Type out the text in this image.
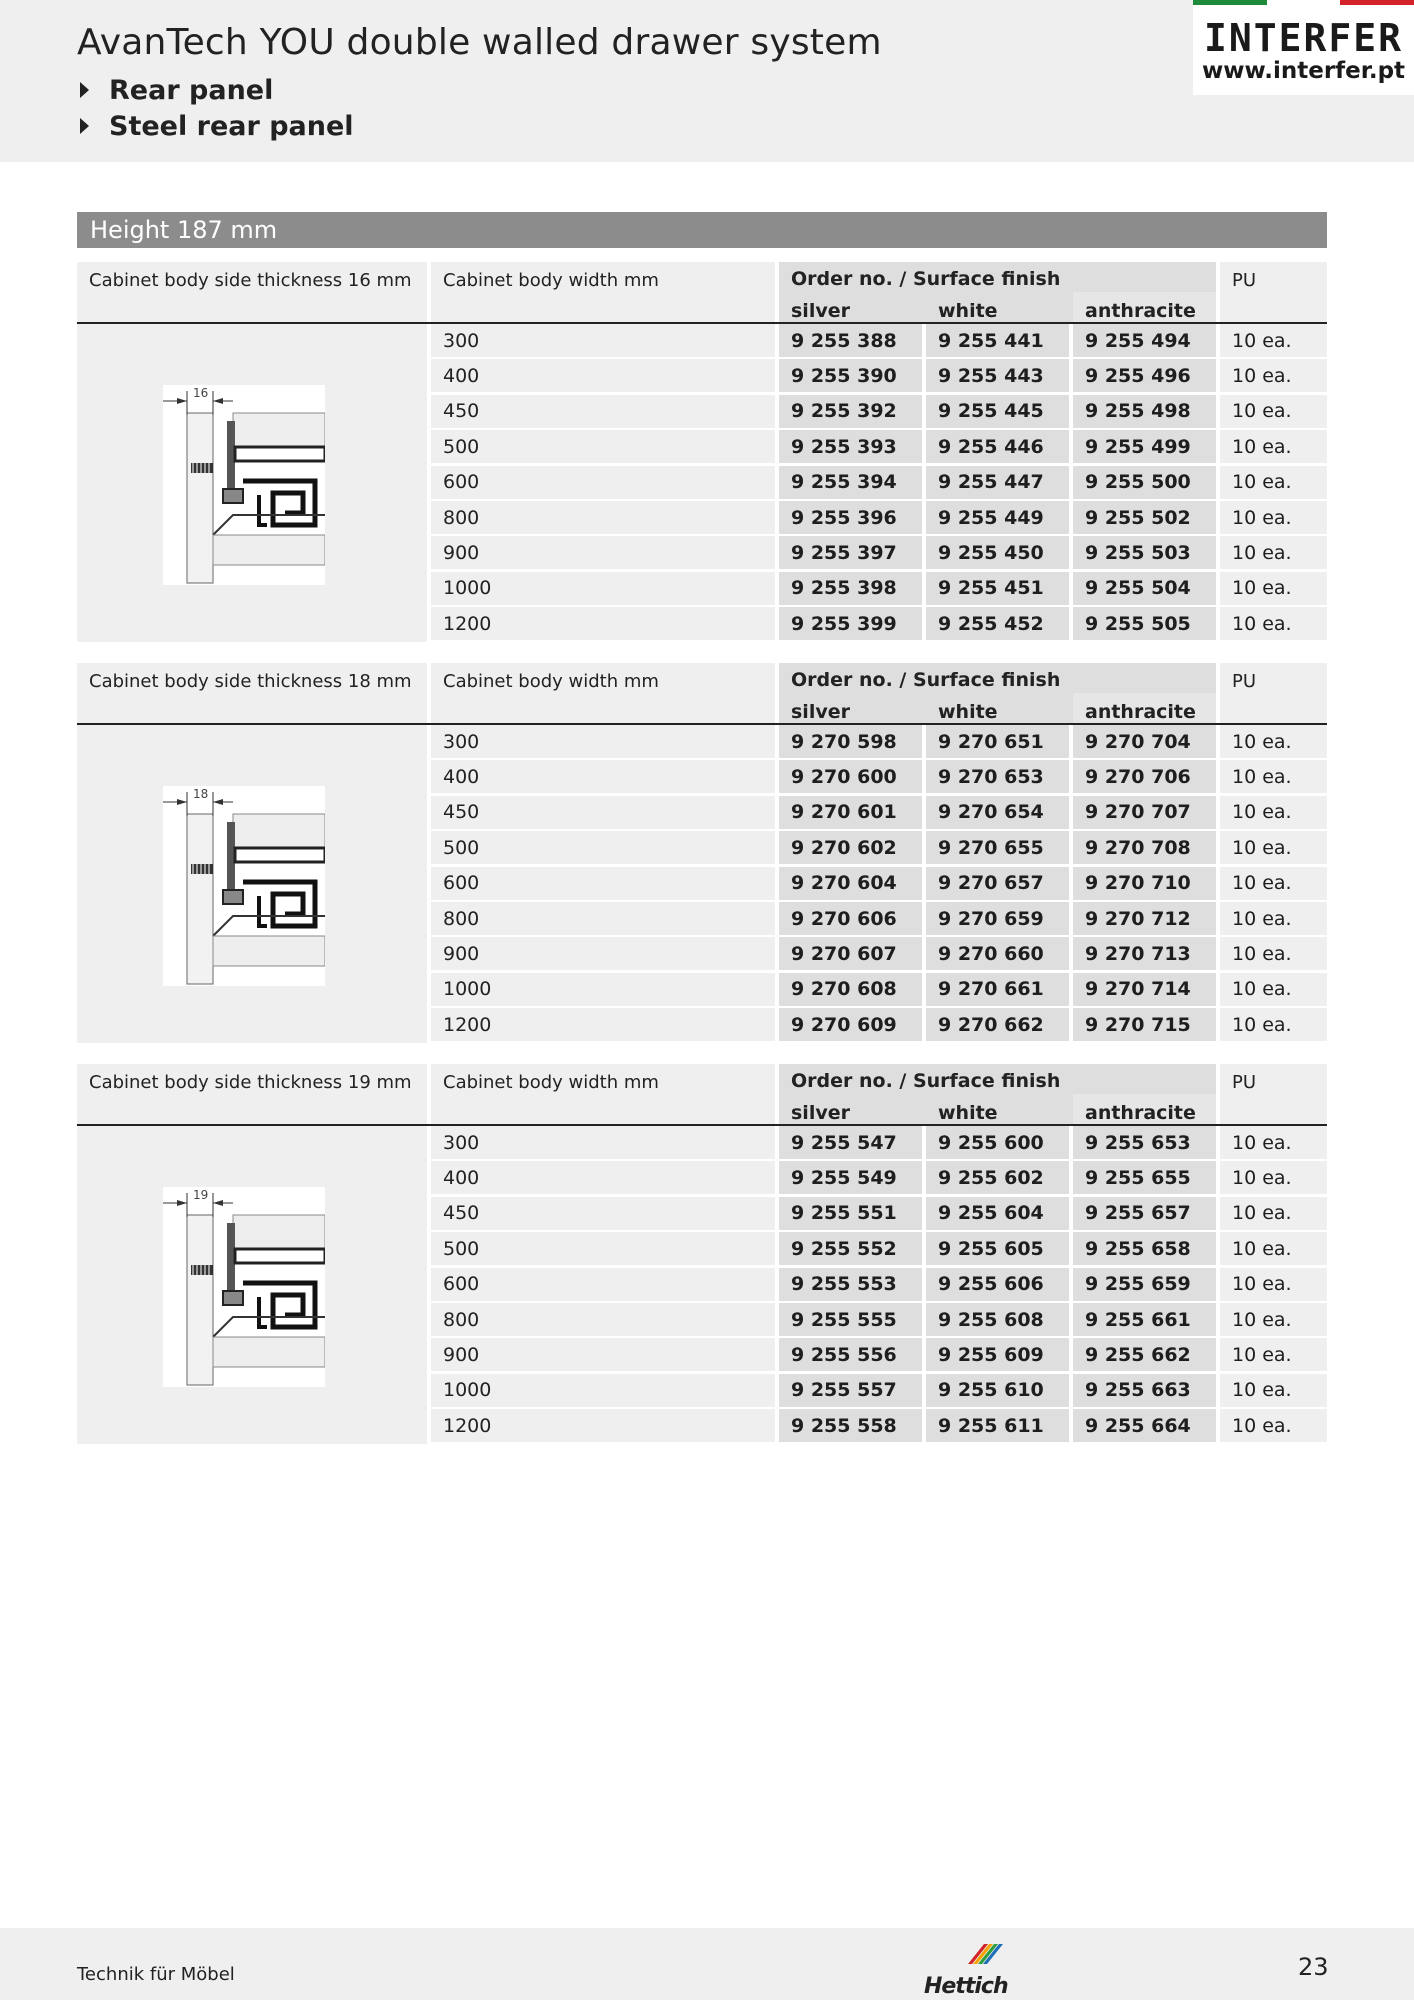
AvanTech YOU double walled drawer system
Rear panel
Steel rear panel
INTERFER
www.interfer.pt
Height 187 mm
Cabinet body side thickness 16 mm
16
Cabinet body width mm	Order no. / Surface finish
silver	white	anthracite
PU
300	9 255 388	9 255 441	9 255 494	10 ea.
400	9 255 390	9 255 443	9 255 496	10 ea.
450	9 255 392	9 255 445	9 255 498	10 ea.
500	9 255 393	9 255 446	9 255 499	10 ea.
600	9 255 394	9 255 447	9 255 500	10 ea.
800	9 255 396	9 255 449	9 255 502	10 ea.
900	9 255 397	9 255 450	9 255 503	10 ea.
1000	9 255 398	9 255 451	9 255 504	10 ea.
1200	9 255 399	9 255 452	9 255 505	10 ea.
Cabinet body side thickness 18 mm
18
Cabinet body width mm	Order no. / Surface finish
silver	white	anthracite
PU
300	9 270 598	9 270 651	9 270 704	10 ea.
400	9 270 600	9 270 653	9 270 706	10 ea.
450	9 270 601	9 270 654	9 270 707	10 ea.
500	9 270 602	9 270 655	9 270 708	10 ea.
600	9 270 604	9 270 657	9 270 710	10 ea.
800	9 270 606	9 270 659	9 270 712	10 ea.
900	9 270 607	9 270 660	9 270 713	10 ea.
1000	9 270 608	9 270 661	9 270 714	10 ea.
1200	9 270 609	9 270 662	9 270 715	10 ea.
Cabinet body side thickness 19 mm
19
Cabinet body width mm	Order no. / Surface finish
silver	white	anthracite
PU
300	9 255 547	9 255 600	9 255 653	10 ea.
400	9 255 549	9 255 602	9 255 655	10 ea.
450	9 255 551	9 255 604	9 255 657	10 ea.
500	9 255 552	9 255 605	9 255 658	10 ea.
600	9 255 553	9 255 606	9 255 659	10 ea.
800	9 255 555	9 255 608	9 255 661	10 ea.
900	9 255 556	9 255 609	9 255 662	10 ea.
1000	9 255 557	9 255 610	9 255 663	10 ea.
1200	9 255 558	9 255 611	9 255 664	10 ea.
Technik für Möbel	Hettich
23
